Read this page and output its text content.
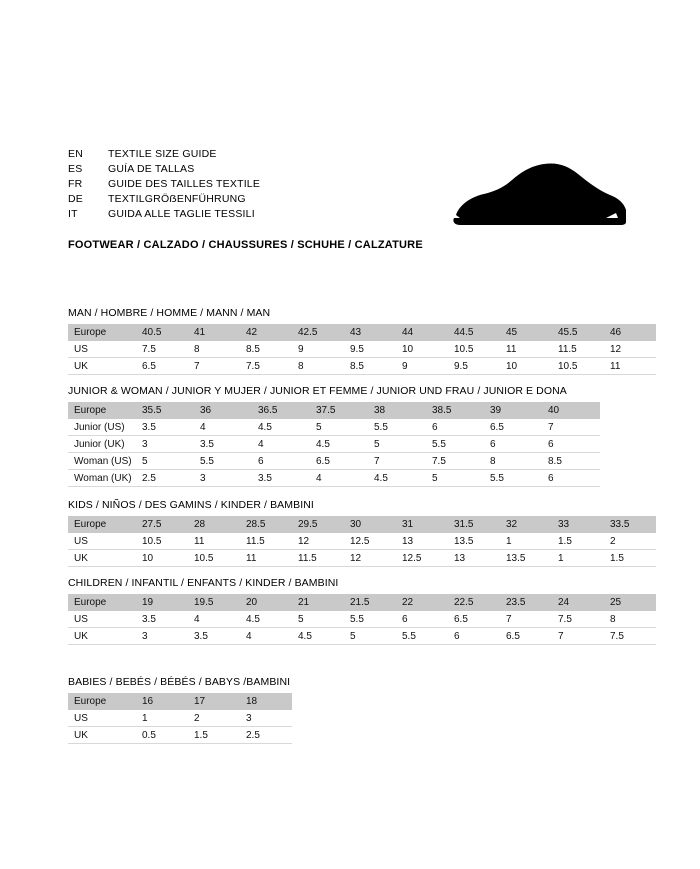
EN	TEXTILE SIZE GUIDE
ES	GUÍA DE TALLAS
FR	GUIDE DES TAILLES TEXTILE
DE	TEXTILGRÖẞENFÜHRUNG
IT	GUIDA ALLE TAGLIE TESSILI
FOOTWEAR / CALZADO / CHAUSSURES / SCHUHE / CALZATURE
MAN / HOMBRE / HOMME / MANN / MAN
Europe	40.5	41	42	42.5	43	44	44.5	45	45.5	46
US	7.5	8	8.5	9	9.5	10	10.5	11	11.5	12
UK	6.5	7	7.5	8	8.5	9	9.5	10	10.5	11
JUNIOR & WOMAN / JUNIOR Y MUJER / JUNIOR ET FEMME / JUNIOR UND FRAU / JUNIOR E DONA
Europe	35.5	36	36.5	37.5	38	38.5	39	40
Junior (US)	3.5	4	4.5	5	5.5	6	6.5	7
Junior (UK)	3	3.5	4	4.5	5	5.5	6	6
Woman (US)	5	5.5	6	6.5	7	7.5	8	8.5
Woman (UK)	2.5	3	3.5	4	4.5	5	5.5	6
KIDS / NIÑOS / DES GAMINS / KINDER / BAMBINI
Europe	27.5	28	28.5	29.5	30	31	31.5	32	33	33.5
US	10.5	11	11.5	12	12.5	13	13.5	1	1.5	2
UK	10	10.5	11	11.5	12	12.5	13	13.5	1	1.5
CHILDREN / INFANTIL / ENFANTS / KINDER / BAMBINI
Europe	19	19.5	20	21	21.5	22	22.5	23.5	24	25
US	3.5	4	4.5	5	5.5	6	6.5	7	7.5	8
UK	3	3.5	4	4.5	5	5.5	6	6.5	7	7.5
BABIES / BEBÉS / BÉBÉS / BABYS /BAMBINI
Europe	16	17	18
US	1	2	3
UK	0.5	1.5	2.5
